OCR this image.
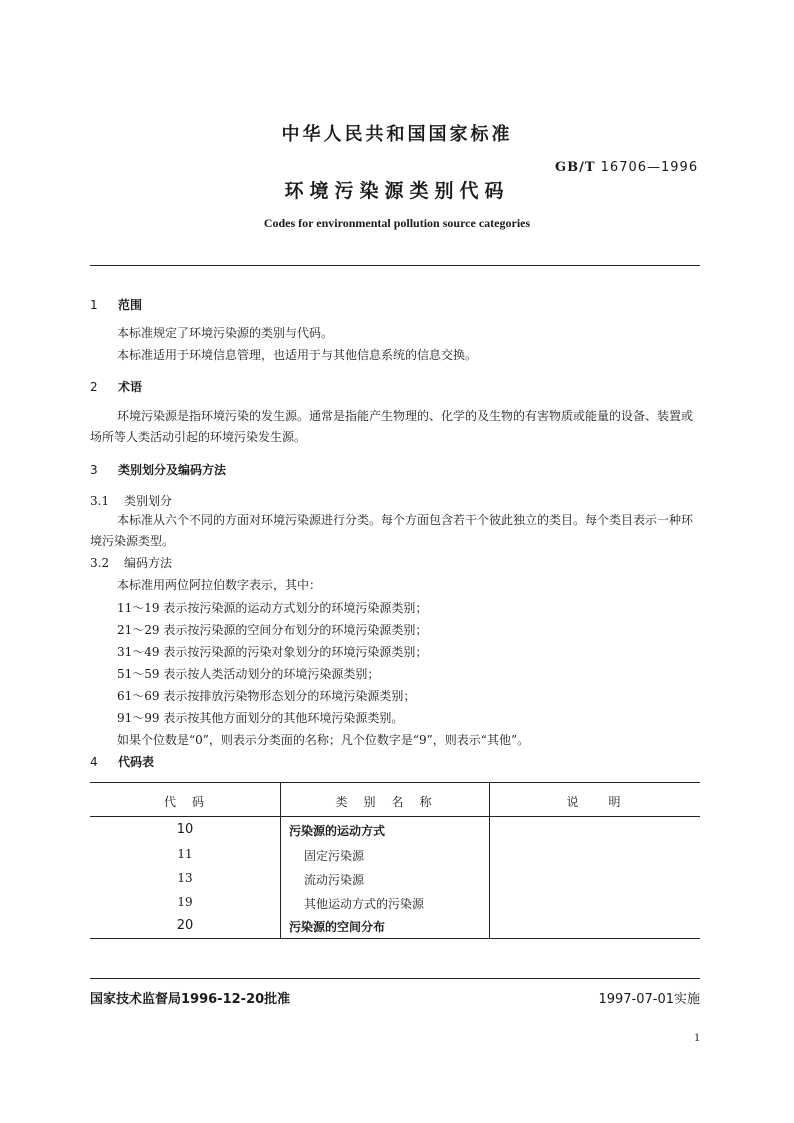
中华人民共和国国家标准
GB/T 16706—1996
环境污染源类别代码
Codes for environmental pollution source categories
1 范围
本标准规定了环境污染源的类别与代码。
本标准适用于环境信息管理，也适用于与其他信息系统的信息交换。
2 术语
环境污染源是指环境污染的发生源。通常是指能产生物理的、化学的及生物的有害物质或能量的设备、装置或场所等人类活动引起的环境污染发生源。
3 类别划分及编码方法
3.1 类别划分
本标准从六个不同的方面对环境污染源进行分类。每个方面包含若干个彼此独立的类目。每个类目表示一种环境污染源类型。
3.2 编码方法
本标准用两位阿拉伯数字表示，其中：
11～19 表示按污染源的运动方式划分的环境污染源类别；
21～29 表示按污染源的空间分布划分的环境污染源类别；
31～49 表示按污染源的污染对象划分的环境污染源类别；
51～59 表示按人类活动划分的环境污染源类别；
61～69 表示按排放污染物形态划分的环境污染源类别；
91～99 表示按其他方面划分的其他环境污染源类别。
如果个位数是“0”，则表示分类面的名称；凡个位数字是“9”，则表示“其他”。
4 代码表
代　码	类　别　名　称	说　　明
10	污染源的运动方式
11	固定污染源
13	流动污染源
19	其他运动方式的污染源
20	污染源的空间分布
国家技术监督局1996-12-20批准	1997-07-01实施
1
